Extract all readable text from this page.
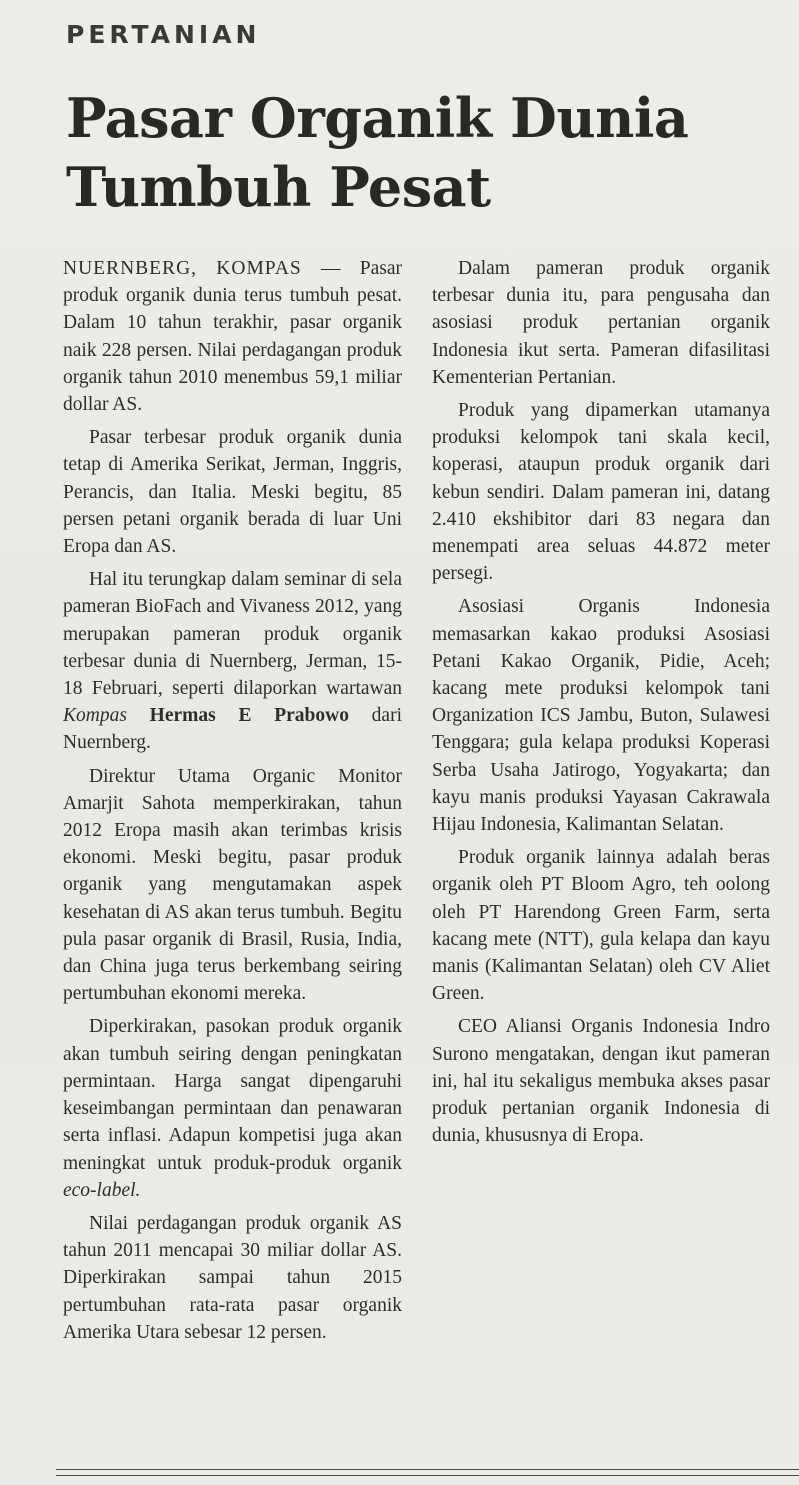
PERTANIAN
Pasar Organik Dunia
Tumbuh Pesat

NUERNBERG, KOMPAS — Pasar produk organik dunia terus tumbuh pesat. Dalam 10 tahun terakhir, pasar organik naik 228 persen. Nilai perdagangan produk organik tahun 2010 menembus 59,1 miliar dollar AS.

Pasar terbesar produk organik dunia tetap di Amerika Serikat, Jerman, Inggris, Perancis, dan Italia. Meski begitu, 85 persen petani organik berada di luar Uni Eropa dan AS.

Hal itu terungkap dalam seminar di sela pameran BioFach and Vivaness 2012, yang merupakan pameran produk organik terbesar dunia di Nuernberg, Jerman, 15-18 Februari, seperti dilaporkan wartawan Kompas Hermas E Prabowo dari Nuernberg.

Direktur Utama Organic Monitor Amarjit Sahota memperkirakan, tahun 2012 Eropa masih akan terimbas krisis ekonomi. Meski begitu, pasar produk organik yang mengutamakan aspek kesehatan di AS akan terus tumbuh. Begitu pula pasar organik di Brasil, Rusia, India, dan China juga terus berkembang seiring pertumbuhan ekonomi mereka.

Diperkirakan, pasokan produk organik akan tumbuh seiring dengan peningkatan permintaan. Harga sangat dipengaruhi keseimbangan permintaan dan penawaran serta inflasi. Adapun kompetisi juga akan meningkat untuk produk-produk organik eco-label.

Nilai perdagangan produk organik AS tahun 2011 mencapai 30 miliar dollar AS. Diperkirakan sampai tahun 2015 pertumbuhan rata-rata pasar organik Amerika Utara sebesar 12 persen.

Dalam pameran produk organik terbesar dunia itu, para pengusaha dan asosiasi produk pertanian organik Indonesia ikut serta. Pameran difasilitasi Kementerian Pertanian.

Produk yang dipamerkan utamanya produksi kelompok tani skala kecil, koperasi, ataupun produk organik dari kebun sendiri. Dalam pameran ini, datang 2.410 ekshibitor dari 83 negara dan menempati area seluas 44.872 meter persegi.

Asosiasi Organis Indonesia memasarkan kakao produksi Asosiasi Petani Kakao Organik, Pidie, Aceh; kacang mete produksi kelompok tani Organization ICS Jambu, Buton, Sulawesi Tenggara; gula kelapa produksi Koperasi Serba Usaha Jatirogo, Yogyakarta; dan kayu manis produksi Yayasan Cakrawala Hijau Indonesia, Kalimantan Selatan.

Produk organik lainnya adalah beras organik oleh PT Bloom Agro, teh oolong oleh PT Harendong Green Farm, serta kacang mete (NTT), gula kelapa dan kayu manis (Kalimantan Selatan) oleh CV Aliet Green.

CEO Aliansi Organis Indonesia Indro Surono mengatakan, dengan ikut pameran ini, hal itu sekaligus membuka akses pasar produk pertanian organik Indonesia di dunia, khususnya di Eropa.
